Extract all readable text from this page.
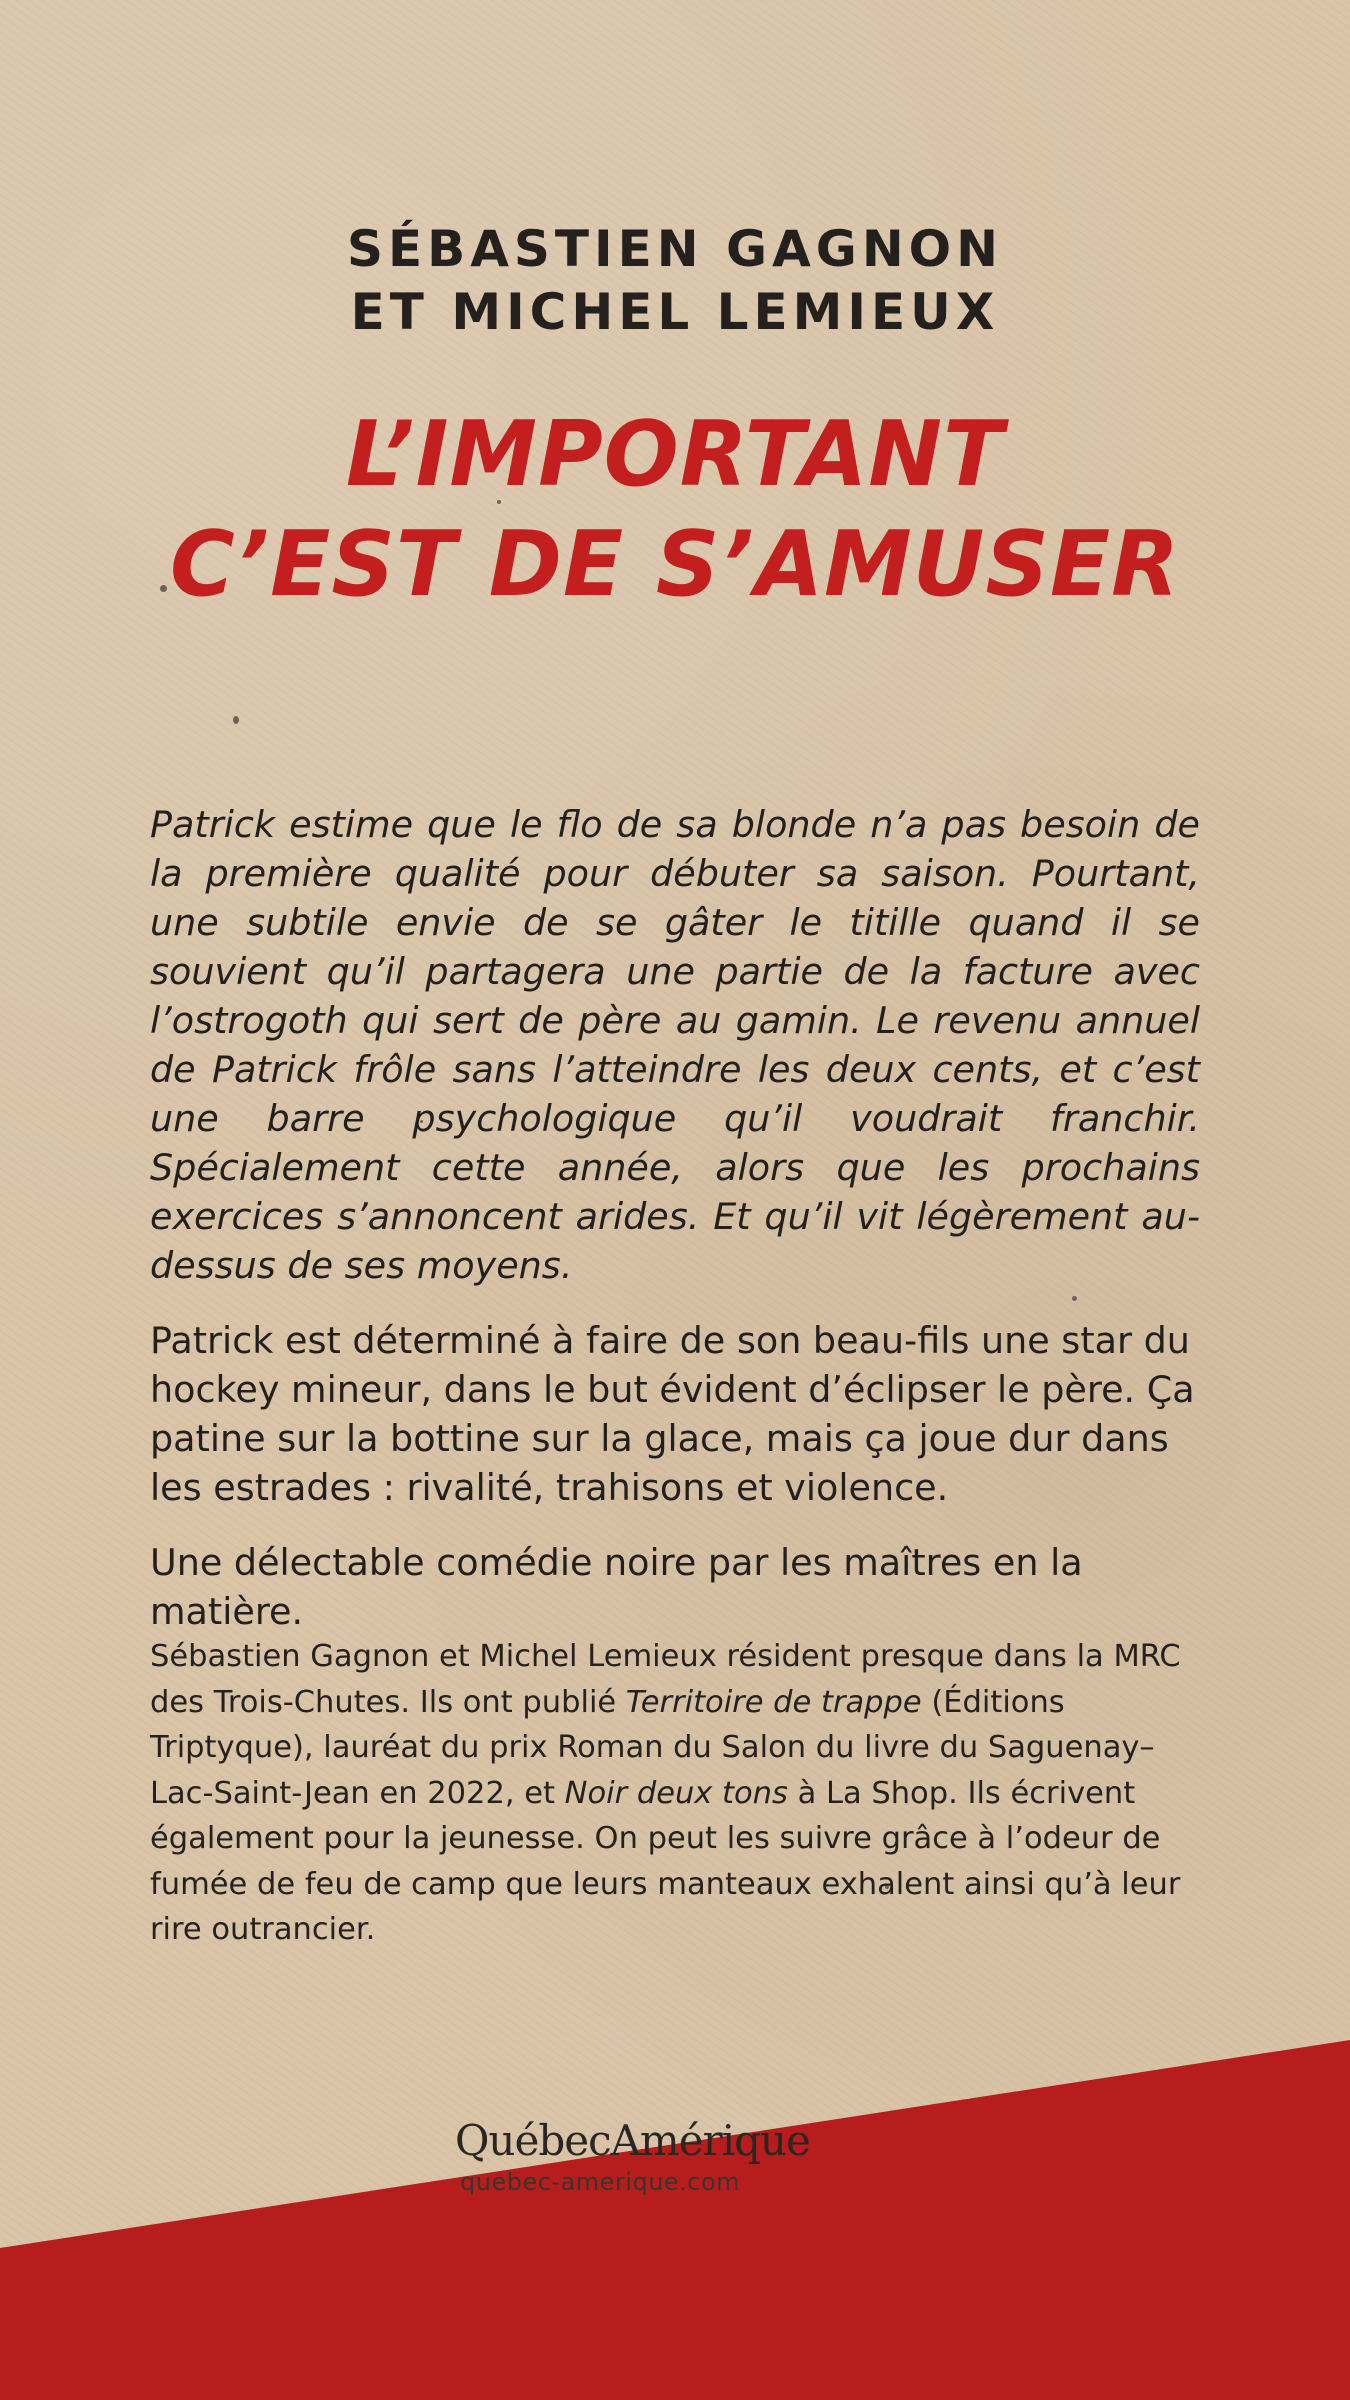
SÉBASTIEN GAGNON
ET MICHEL LEMIEUX
L’IMPORTANT
C’EST DE S’AMUSER

Patrick estime que le flo de sa blonde n’a pas besoin de la première qualité pour débuter sa saison. Pourtant, une subtile envie de se gâter le titille quand il se souvient qu’il partagera une partie de la facture avec l’ostrogoth qui sert de père au gamin. Le revenu annuel de Patrick frôle sans l’atteindre les deux cents, et c’est une barre psychologique qu’il voudrait franchir. Spécialement cette année, alors que les prochains exercices s’annoncent arides. Et qu’il vit légèrement au-dessus de ses moyens.

Patrick est déterminé à faire de son beau-fils une star du hockey mineur, dans le but évident d’éclipser le père. Ça patine sur la bottine sur la glace, mais ça joue dur dans les estrades : rivalité, trahisons et violence.

Une délectable comédie noire par les maîtres en la matière.

Sébastien Gagnon et Michel Lemieux résident presque dans la MRC des Trois-Chutes. Ils ont publié Territoire de trappe (Éditions Triptyque), lauréat du prix Roman du Salon du livre du Saguenay–Lac-Saint-Jean en 2022, et Noir deux tons à La Shop. Ils écrivent également pour la jeunesse. On peut les suivre grâce à l’odeur de fumée de feu de camp que leurs manteaux exhalent ainsi qu’à leur rire outrancier.

QuébecAmérique
quebec-amerique.com
